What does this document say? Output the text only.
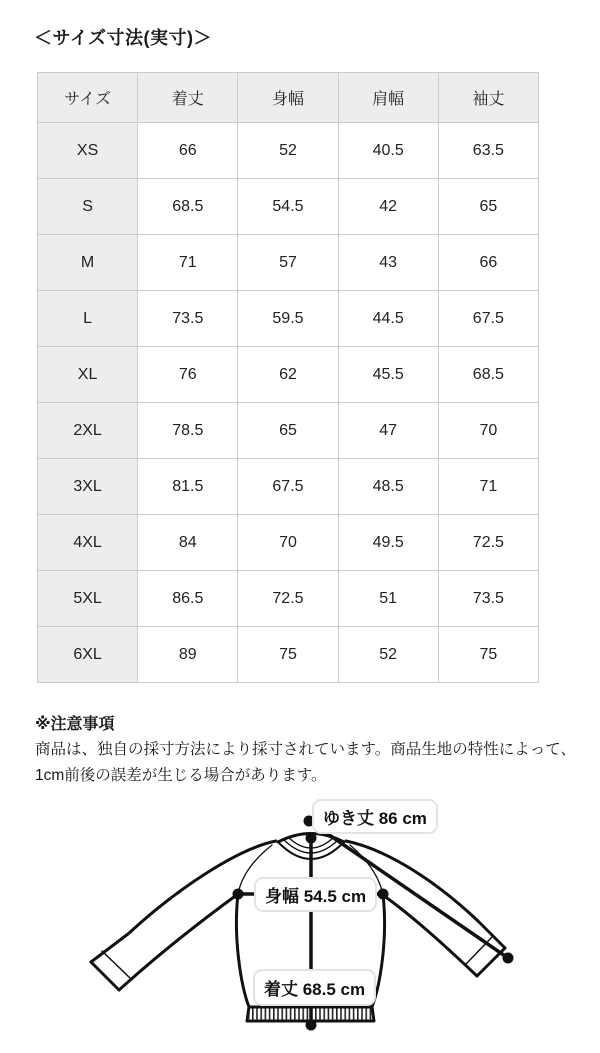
＜サイズ寸法(実寸)＞
サイズ	着丈	身幅	肩幅	袖丈
XS	66	52	40.5	63.5
S	68.5	54.5	42	65
M	71	57	43	66
L	73.5	59.5	44.5	67.5
XL	76	62	45.5	68.5
2XL	78.5	65	47	70
3XL	81.5	67.5	48.5	71
4XL	84	70	49.5	72.5
5XL	86.5	72.5	51	73.5
6XL	89	75	52	75
※注意事項
商品は、独自の採寸方法により採寸されています。商品生地の特性によって、1cm前後の誤差が生じる場合があります。
ゆき丈 86 cm
身幅 54.5 cm
着丈 68.5 cm
